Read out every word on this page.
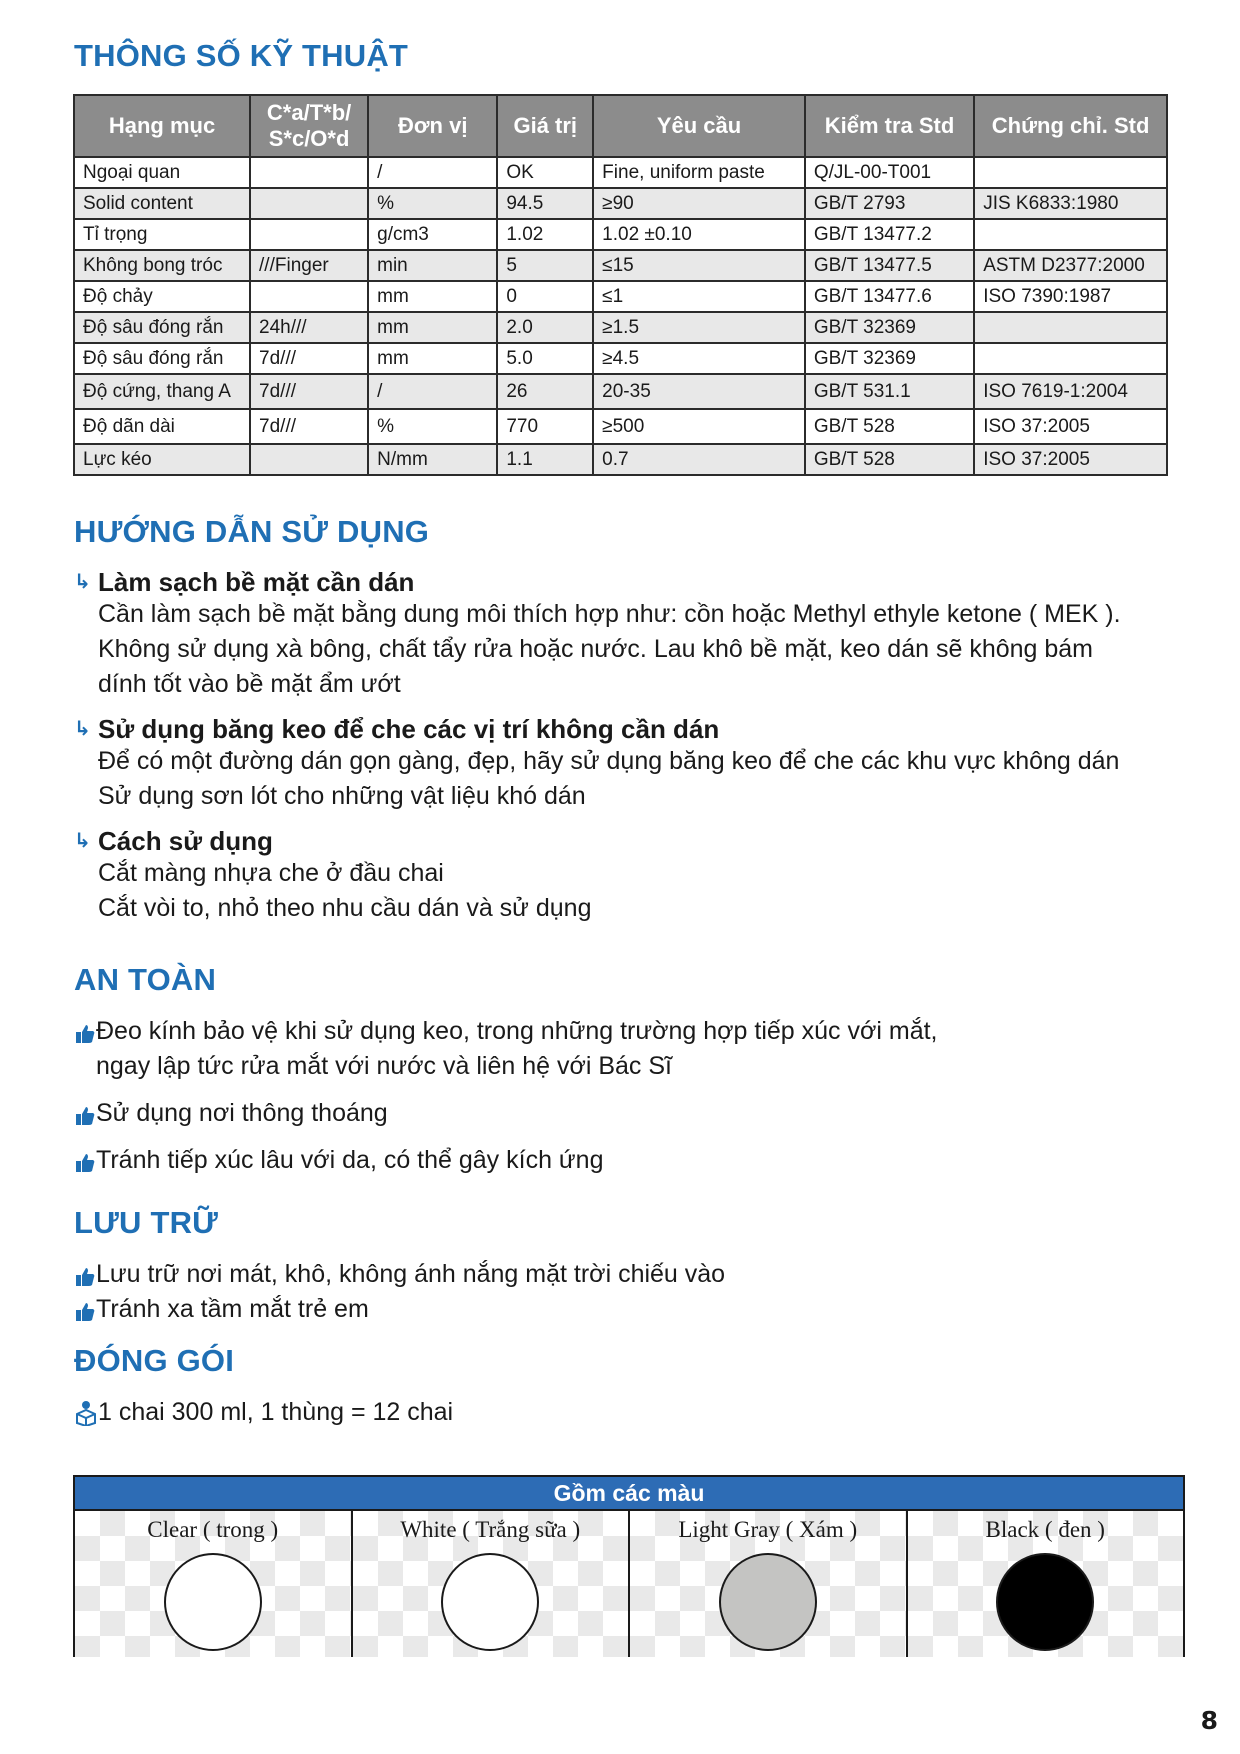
THÔNG SỐ KỸ THUẬT
Hạng mục	C*a/T*b/ S*c/O*d	Đơn vị	Giá trị	Yêu cầu	Kiểm tra Std	Chứng chỉ. Std
Ngoại quan		/	OK	Fine, uniform paste	Q/JL-00-T001	
Solid content		%	94.5	≥90	GB/T 2793	JIS K6833:1980
Tỉ trọng		g/cm3	1.02	1.02 ±0.10	GB/T 13477.2	
Không bong tróc	///Finger	min	5	≤15	GB/T 13477.5	ASTM D2377:2000
Độ chảy		mm	0	≤1	GB/T 13477.6	ISO 7390:1987
Độ sâu đóng rắn	24h///	mm	2.0	≥1.5	GB/T 32369	
Độ sâu đóng rắn	7d///	mm	5.0	≥4.5	GB/T 32369	
Độ cứng, thang A	7d///	/	26	20-35	GB/T 531.1	ISO 7619-1:2004
Độ dãn dài	7d///	%	770	≥500	GB/T 528	ISO 37:2005
Lực kéo		N/mm	1.1	0.7	GB/T 528	ISO 37:2005
HƯỚNG DẪN SỬ DỤNG
↳ Làm sạch bề mặt cần dán
Cần làm sạch bề mặt bằng dung môi thích hợp như: cồn hoặc Methyl ethyle ketone ( MEK ).
Không sử dụng xà bông, chất tẩy rửa hoặc nước. Lau khô bề mặt, keo dán sẽ không bám
dính tốt vào bề mặt ẩm ướt
↳ Sử dụng băng keo để che các vị trí không cần dán
Để có một đường dán gọn gàng, đẹp, hãy sử dụng băng keo để che các khu vực không dán
Sử dụng sơn lót cho những vật liệu khó dán
↳ Cách sử dụng
Cắt màng nhựa che ở đầu chai
Cắt vòi to, nhỏ theo nhu cầu dán và sử dụng
AN TOÀN
Đeo kính bảo vệ khi sử dụng keo, trong những trường hợp tiếp xúc với mắt, ngay lập tức rửa mắt với nước và liên hệ với Bác Sĩ
Sử dụng nơi thông thoáng
Tránh tiếp xúc lâu với da, có thể gây kích ứng
LƯU TRỮ
Lưu trữ nơi mát, khô, không ánh nắng mặt trời chiếu vào
Tránh xa tầm mắt trẻ em
ĐÓNG GÓI
1 chai 300 ml, 1 thùng = 12 chai
Gồm các màu
Clear ( trong )	White ( Trắng sữa )	Light Gray ( Xám )	Black ( đen )
8
